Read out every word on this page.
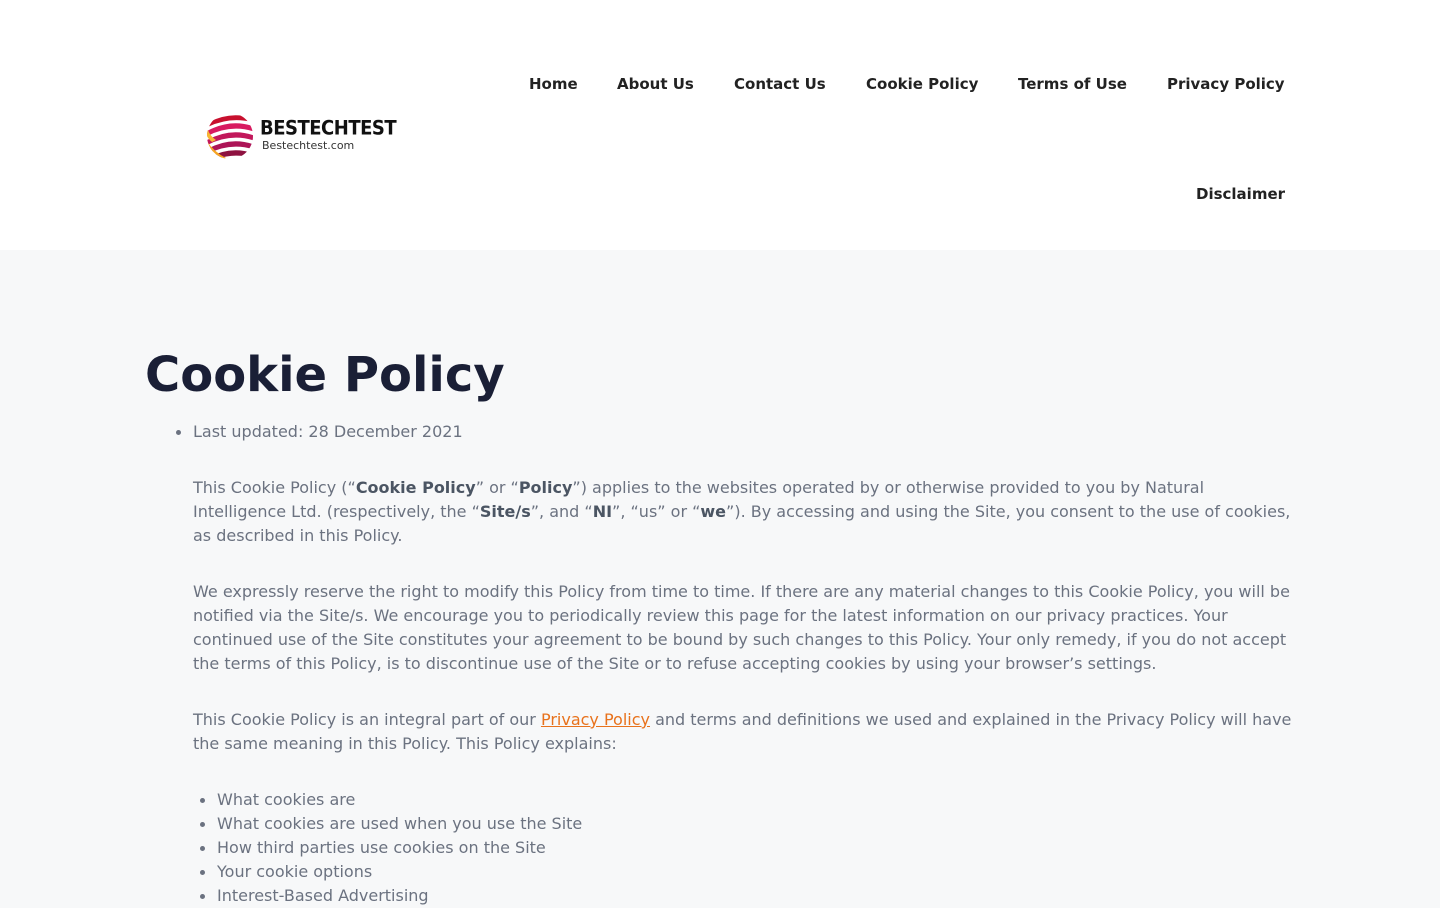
BESTECHTEST
Bestechtest.com
Home	About Us	Contact Us	Cookie Policy	Terms of Use	Privacy Policy
Disclaimer
Cookie Policy

Last updated: 28 December 2021

This Cookie Policy (“Cookie Policy” or “Policy”) applies to the websites operated by or otherwise provided to you by Natural Intelligence Ltd. (respectively, the “Site/s”, and “NI”, “us” or “we”). By accessing and using the Site, you consent to the use of cookies, as described in this Policy.

We expressly reserve the right to modify this Policy from time to time. If there are any material changes to this Cookie Policy, you will be notified via the Site/s. We encourage you to periodically review this page for the latest information on our privacy practices. Your continued use of the Site constitutes your agreement to be bound by such changes to this Policy. Your only remedy, if you do not accept the terms of this Policy, is to discontinue use of the Site or to refuse accepting cookies by using your browser’s settings.

This Cookie Policy is an integral part of our Privacy Policy and terms and definitions we used and explained in the Privacy Policy will have the same meaning in this Policy. This Policy explains:

What cookies are
What cookies are used when you use the Site
How third parties use cookies on the Site
Your cookie options
Interest-Based Advertising
